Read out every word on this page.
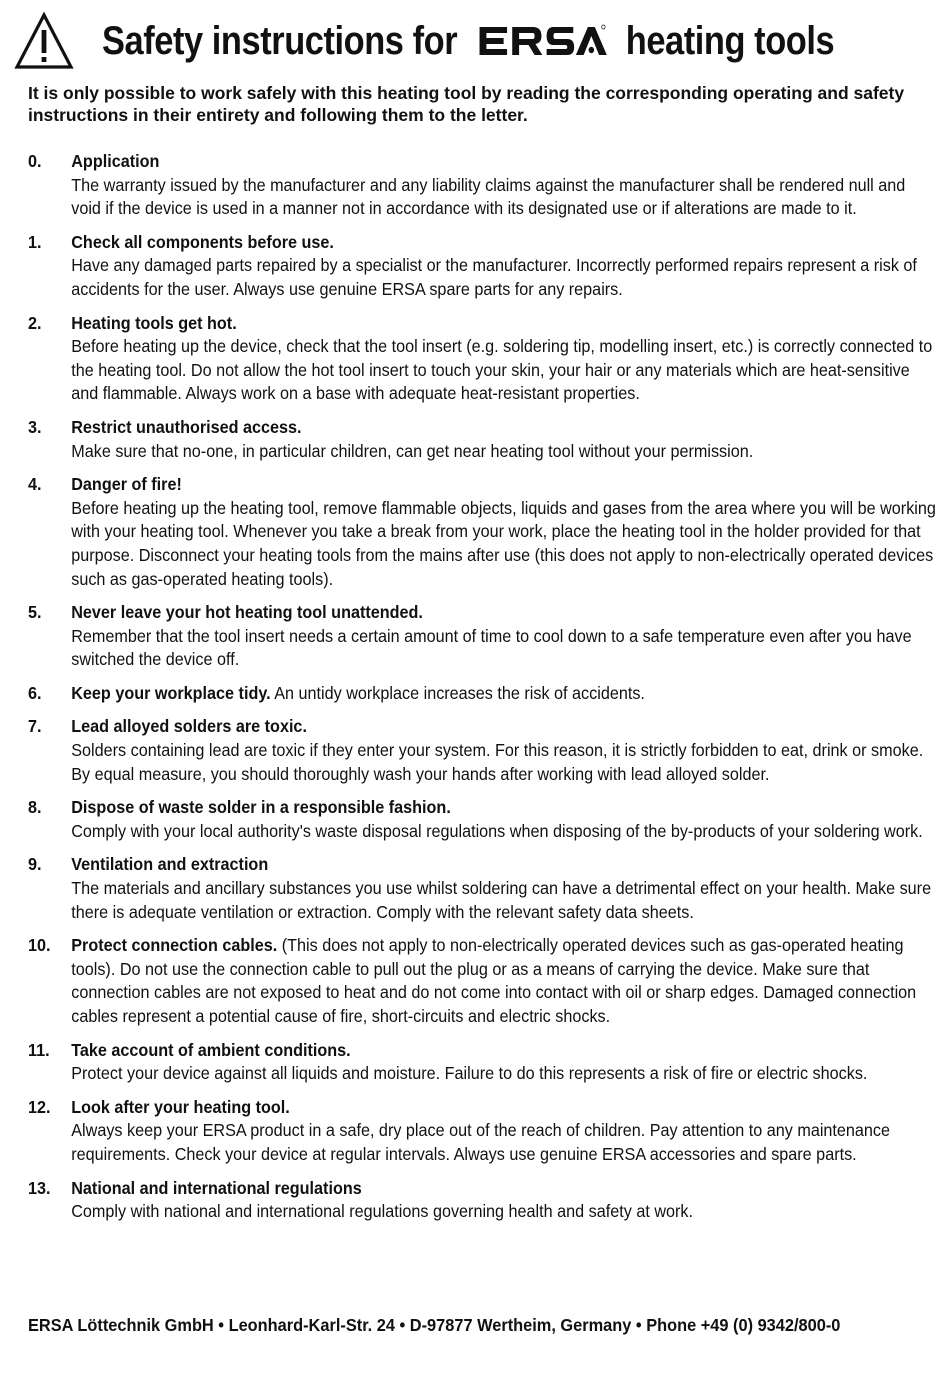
Safety instructions for	heating tools
It is only possible to work safely with this heating tool by reading the corresponding operating and safety instructions in their entirety and following them to the letter.
0. Application
The warranty issued by the manufacturer and any liability claims against the manufacturer shall be rendered null and void if the device is used in a manner not in accordance with its designated use or if alterations are made to it.
1. Check all components before use.
Have any damaged parts repaired by a specialist or the manufacturer. Incorrectly performed repairs represent a risk of accidents for the user. Always use genuine ERSA spare parts for any repairs.
2. Heating tools get hot.
Before heating up the device, check that the tool insert (e.g. soldering tip, modelling insert, etc.) is correctly connected to the heating tool. Do not allow the hot tool insert to touch your skin, your hair or any materials which are heat-sensitive and flammable. Always work on a base with adequate heat-resistant properties.
3. Restrict unauthorised access.
Make sure that no-one, in particular children, can get near heating tool without your permission.
4. Danger of fire!
Before heating up the heating tool, remove flammable objects, liquids and gases from the area where you will be working with your heating tool. Whenever you take a break from your work, place the heating tool in the holder provided for that purpose. Disconnect your heating tools from the mains after use (this does not apply to non-electrically operated devices such as gas-operated heating tools).
5. Never leave your hot heating tool unattended.
Remember that the tool insert needs a certain amount of time to cool down to a safe temperature even after you have switched the device off.
6. Keep your workplace tidy. An untidy workplace increases the risk of accidents.
7. Lead alloyed solders are toxic.
Solders containing lead are toxic if they enter your system. For this reason, it is strictly forbidden to eat, drink or smoke. By equal measure, you should thoroughly wash your hands after working with lead alloyed solder.
8. Dispose of waste solder in a responsible fashion.
Comply with your local authority's waste disposal regulations when disposing of the by-products of your soldering work.
9. Ventilation and extraction
The materials and ancillary substances you use whilst soldering can have a detrimental effect on your health. Make sure there is adequate ventilation or extraction. Comply with the relevant safety data sheets.
10. Protect connection cables. (This does not apply to non-electrically operated devices such as gas-operated heating tools). Do not use the connection cable to pull out the plug or as a means of carrying the device. Make sure that connection cables are not exposed to heat and do not come into contact with oil or sharp edges. Damaged connection cables represent a potential cause of fire, short-circuits and electric shocks.
11. Take account of ambient conditions.
Protect your device against all liquids and moisture. Failure to do this represents a risk of fire or electric shocks.
12. Look after your heating tool.
Always keep your ERSA product in a safe, dry place out of the reach of children. Pay attention to any maintenance requirements. Check your device at regular intervals. Always use genuine ERSA accessories and spare parts.
13. National and international regulations
Comply with national and international regulations governing health and safety at work.
ERSA Löttechnik GmbH • Leonhard-Karl-Str. 24 • D-97877 Wertheim, Germany • Phone +49 (0) 9342/800-0
